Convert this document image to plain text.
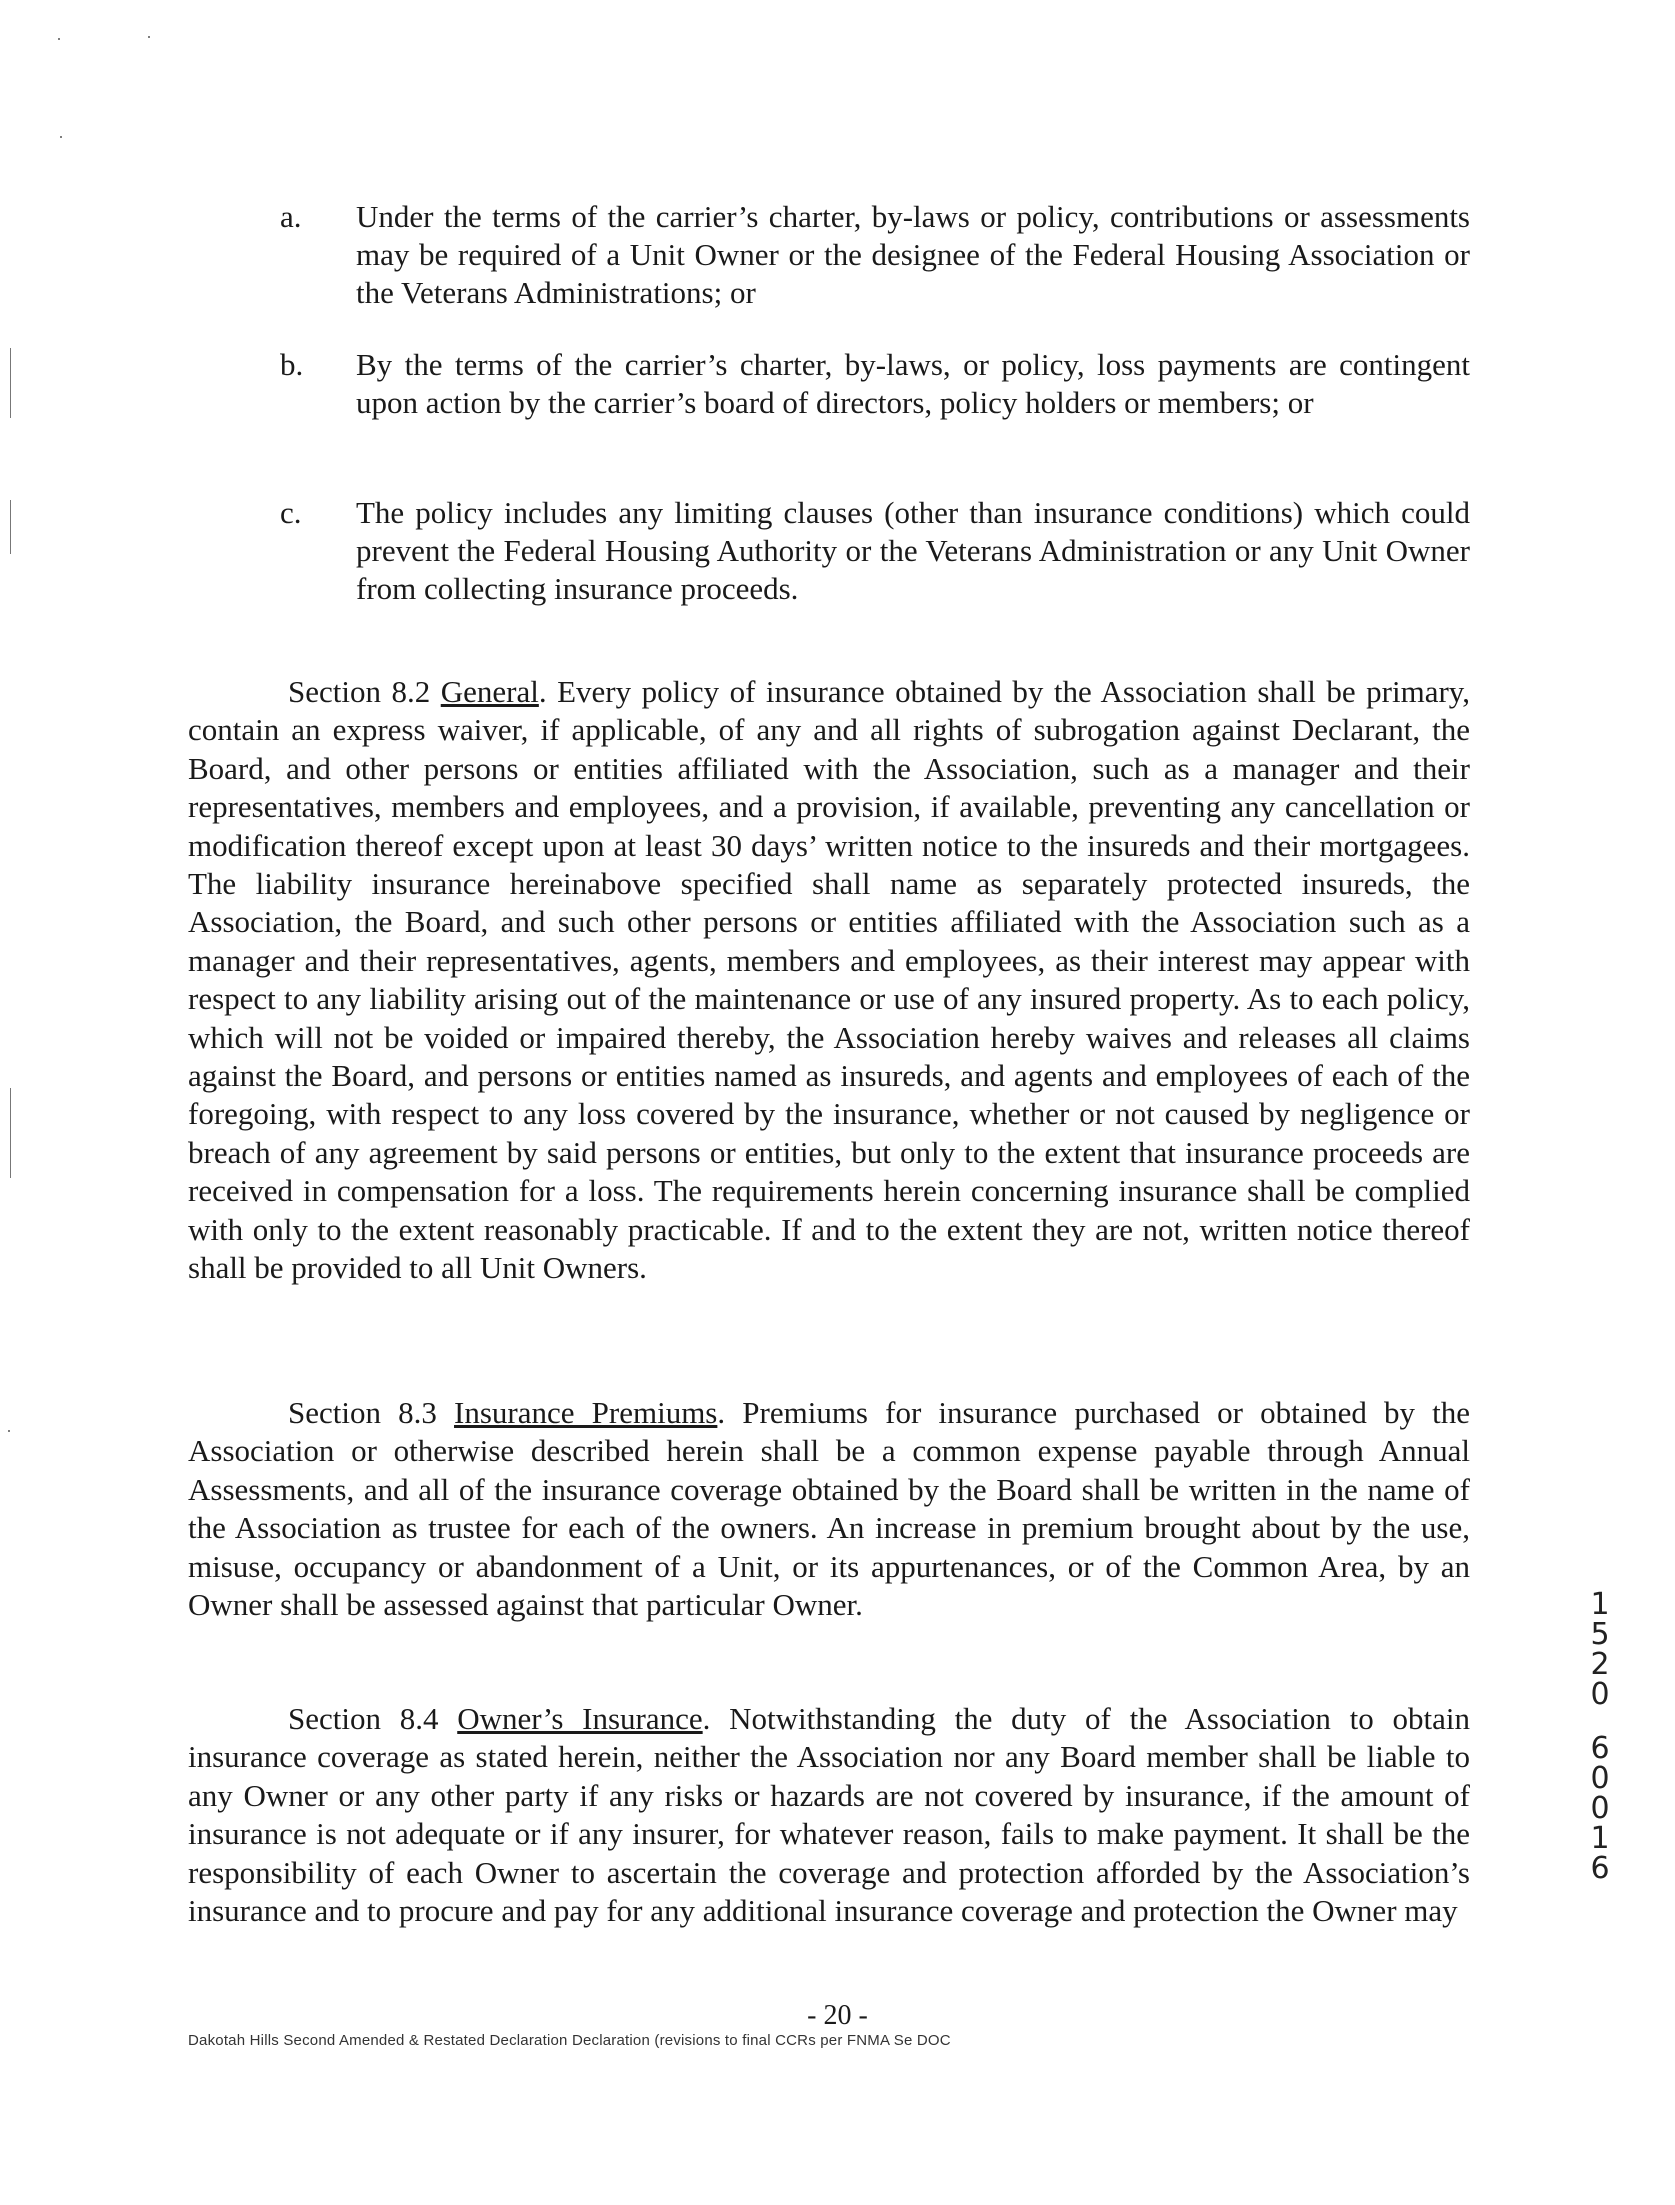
a. Under the terms of the carrier’s charter, by-laws or policy, contributions or assessments may be required of a Unit Owner or the designee of the Federal Housing Association or the Veterans Administrations; or
b. By the terms of the carrier’s charter, by-laws, or policy, loss payments are contingent upon action by the carrier’s board of directors, policy holders or members; or
c. The policy includes any limiting clauses (other than insurance conditions) which could prevent the Federal Housing Authority or the Veterans Administration or any Unit Owner from collecting insurance proceeds.

Section 8.2 General. Every policy of insurance obtained by the Association shall be primary, contain an express waiver, if applicable, of any and all rights of subrogation against Declarant, the Board, and other persons or entities affiliated with the Association, such as a manager and their representatives, members and employees, and a provision, if available, preventing any cancellation or modification thereof except upon at least 30 days’ written notice to the insureds and their mortgagees. The liability insurance hereinabove specified shall name as separately protected insureds, the Association, the Board, and such other persons or entities affiliated with the Association such as a manager and their representatives, agents, members and employees, as their interest may appear with respect to any liability arising out of the maintenance or use of any insured property. As to each policy, which will not be voided or impaired thereby, the Association hereby waives and releases all claims against the Board, and persons or entities named as insureds, and agents and employees of each of the foregoing, with respect to any loss covered by the insurance, whether or not caused by negligence or breach of any agreement by said persons or entities, but only to the extent that insurance proceeds are received in compensation for a loss. The requirements herein concerning insurance shall be complied with only to the extent reasonably practicable. If and to the extent they are not, written notice thereof shall be provided to all Unit Owners.

Section 8.3 Insurance Premiums. Premiums for insurance purchased or obtained by the Association or otherwise described herein shall be a common expense payable through Annual Assessments, and all of the insurance coverage obtained by the Board shall be written in the name of the Association as trustee for each of the owners. An increase in premium brought about by the use, misuse, occupancy or abandonment of a Unit, or its appurtenances, or of the Common Area, by an Owner shall be assessed against that particular Owner.

Section 8.4 Owner’s Insurance. Notwithstanding the duty of the Association to obtain insurance coverage as stated herein, neither the Association nor any Board member shall be liable to any Owner or any other party if any risks or hazards are not covered by insurance, if the amount of insurance is not adequate or if any insurer, for whatever reason, fails to make payment. It shall be the responsibility of each Owner to ascertain the coverage and protection afforded by the Association’s insurance and to procure and pay for any additional insurance coverage and protection the Owner may

1
5
2
0
6
0
0
1
6
- 20 -
Dakotah Hills Second Amended & Restated Declaration Declaration (revisions to final CCRs per FNMA Se DOC
